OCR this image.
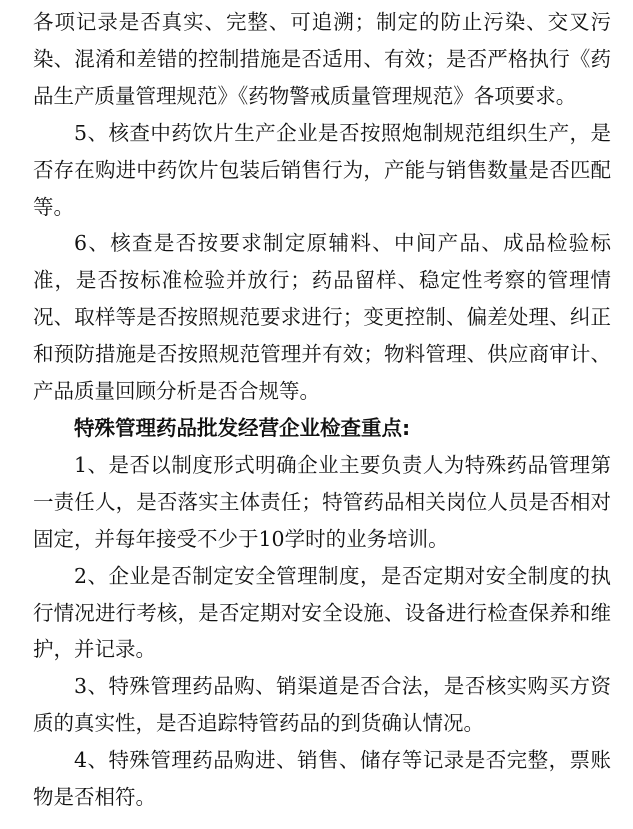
各项记录是否真实、完整、可追溯；制定的防止污染、交叉污染、混淆和差错的控制措施是否适用、有效；是否严格执行《药品生产质量管理规范》《药物警戒质量管理规范》各项要求。

5、核查中药饮片生产企业是否按照炮制规范组织生产，是否存在购进中药饮片包装后销售行为，产能与销售数量是否匹配等。

6、核查是否按要求制定原辅料、中间产品、成品检验标准，是否按标准检验并放行；药品留样、稳定性考察的管理情况、取样等是否按照规范要求进行；变更控制、偏差处理、纠正和预防措施是否按照规范管理并有效；物料管理、供应商审计、产品质量回顾分析是否合规等。

特殊管理药品批发经营企业检查重点:

1、是否以制度形式明确企业主要负责人为特殊药品管理第一责任人，是否落实主体责任；特管药品相关岗位人员是否相对固定，并每年接受不少于10学时的业务培训。

2、企业是否制定安全管理制度，是否定期对安全制度的执行情况进行考核，是否定期对安全设施、设备进行检查保养和维护，并记录。

3、特殊管理药品购、销渠道是否合法，是否核实购买方资质的真实性，是否追踪特管药品的到货确认情况。

4、特殊管理药品购进、销售、储存等记录是否完整，票账物是否相符。
